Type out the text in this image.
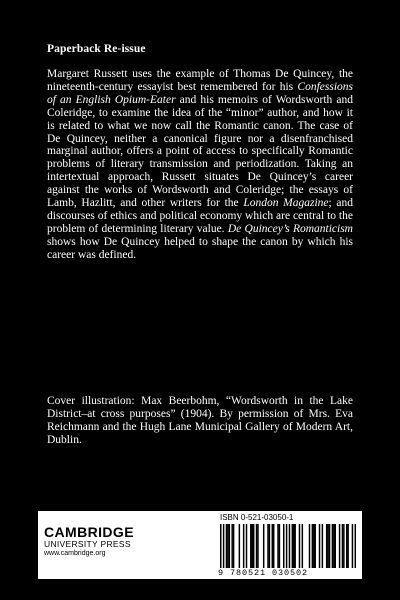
Paperback Re-issue

Margaret Russett uses the example of Thomas De Quincey, the nineteenth-century essayist best remembered for his Confessions of an English Opium-Eater and his memoirs of Wordsworth and Coleridge, to examine the idea of the “minor” author, and how it is related to what we now call the Romantic canon. The case of De Quincey, neither a canonical figure nor a disenfranchised marginal author, offers a point of access to specifically Romantic problems of literary transmission and periodization. Taking an intertextual approach, Russett situates De Quincey’s career against the works of Wordsworth and Coleridge; the essays of Lamb, Hazlitt, and other writers for the London Magazine; and discourses of ethics and political economy which are central to the problem of determining literary value. De Quincey’s Romanticism shows how De Quincey helped to shape the canon by which his career was defined.

Cover illustration: Max Beerbohm, “Wordsworth in the Lake District–at cross purposes” (1904). By permission of Mrs. Eva Reichmann and the Hugh Lane Municipal Gallery of Modern Art, Dublin.

CAMBRIDGE
UNIVERSITY PRESS
www.cambridge.org
ISBN 0-521-03050-1
9 780521 030502
